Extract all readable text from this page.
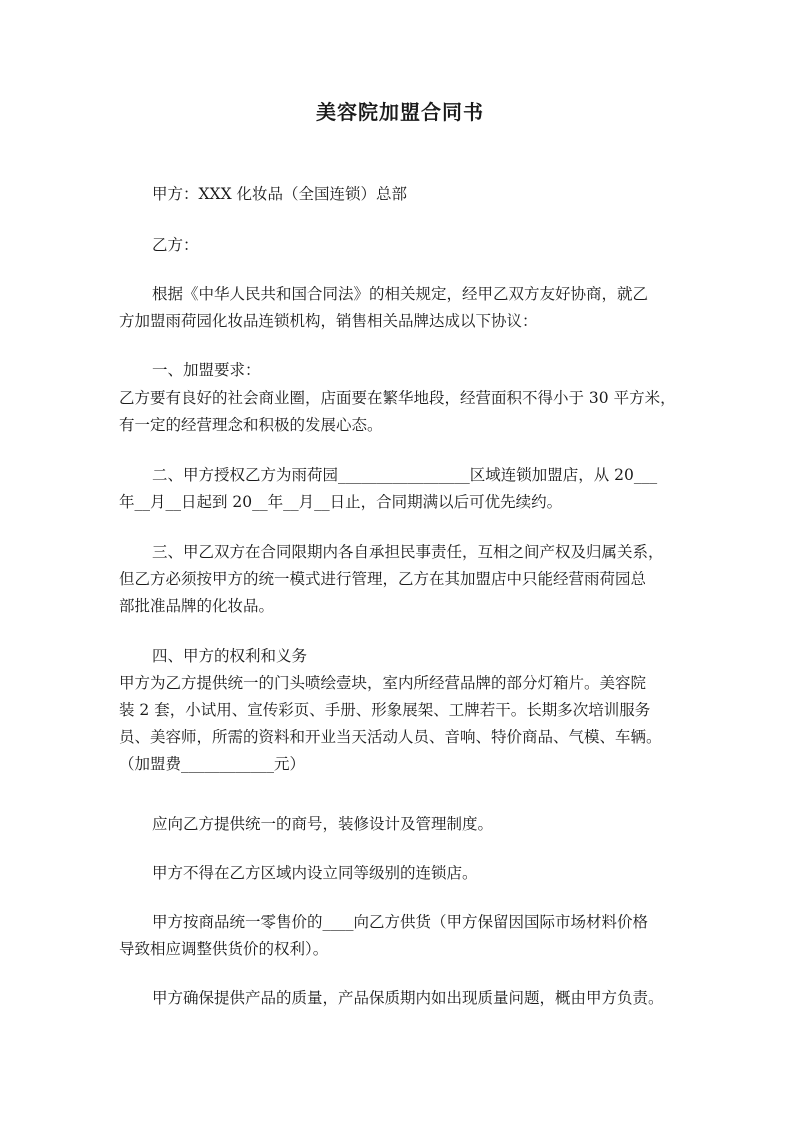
美容院加盟合同书
甲方：XXX 化妆品（全国连锁）总部
乙方：
根据《中华人民共和国合同法》的相关规定，经甲乙双方友好协商，就乙
方加盟雨荷园化妆品连锁机构，销售相关品牌达成以下协议：
一、加盟要求：
乙方要有良好的社会商业圈，店面要在繁华地段，经营面积不得小于 30 平方米，
有一定的经营理念和积极的发展心态。
二、甲方授权乙方为雨荷园_________________区域连锁加盟店，从 20___
年__月__日起到 20__年__月__日止，合同期满以后可优先续约。
三、甲乙双方在合同限期内各自承担民事责任，互相之间产权及归属关系，
但乙方必须按甲方的统一模式进行管理，乙方在其加盟店中只能经营雨荷园总
部批准品牌的化妆品。
四、甲方的权利和义务
甲方为乙方提供统一的门头喷绘壹块，室内所经营品牌的部分灯箱片。美容院
装 2 套，小试用、宣传彩页、手册、形象展架、工牌若干。长期多次培训服务
员、美容师，所需的资料和开业当天活动人员、音响、特价商品、气模、车辆。
（加盟费____________元）
应向乙方提供统一的商号，装修设计及管理制度。
甲方不得在乙方区域内设立同等级别的连锁店。
甲方按商品统一零售价的____向乙方供货（甲方保留因国际市场材料价格
导致相应调整供货价的权利）。
甲方确保提供产品的质量，产品保质期内如出现质量问题，概由甲方负责。
